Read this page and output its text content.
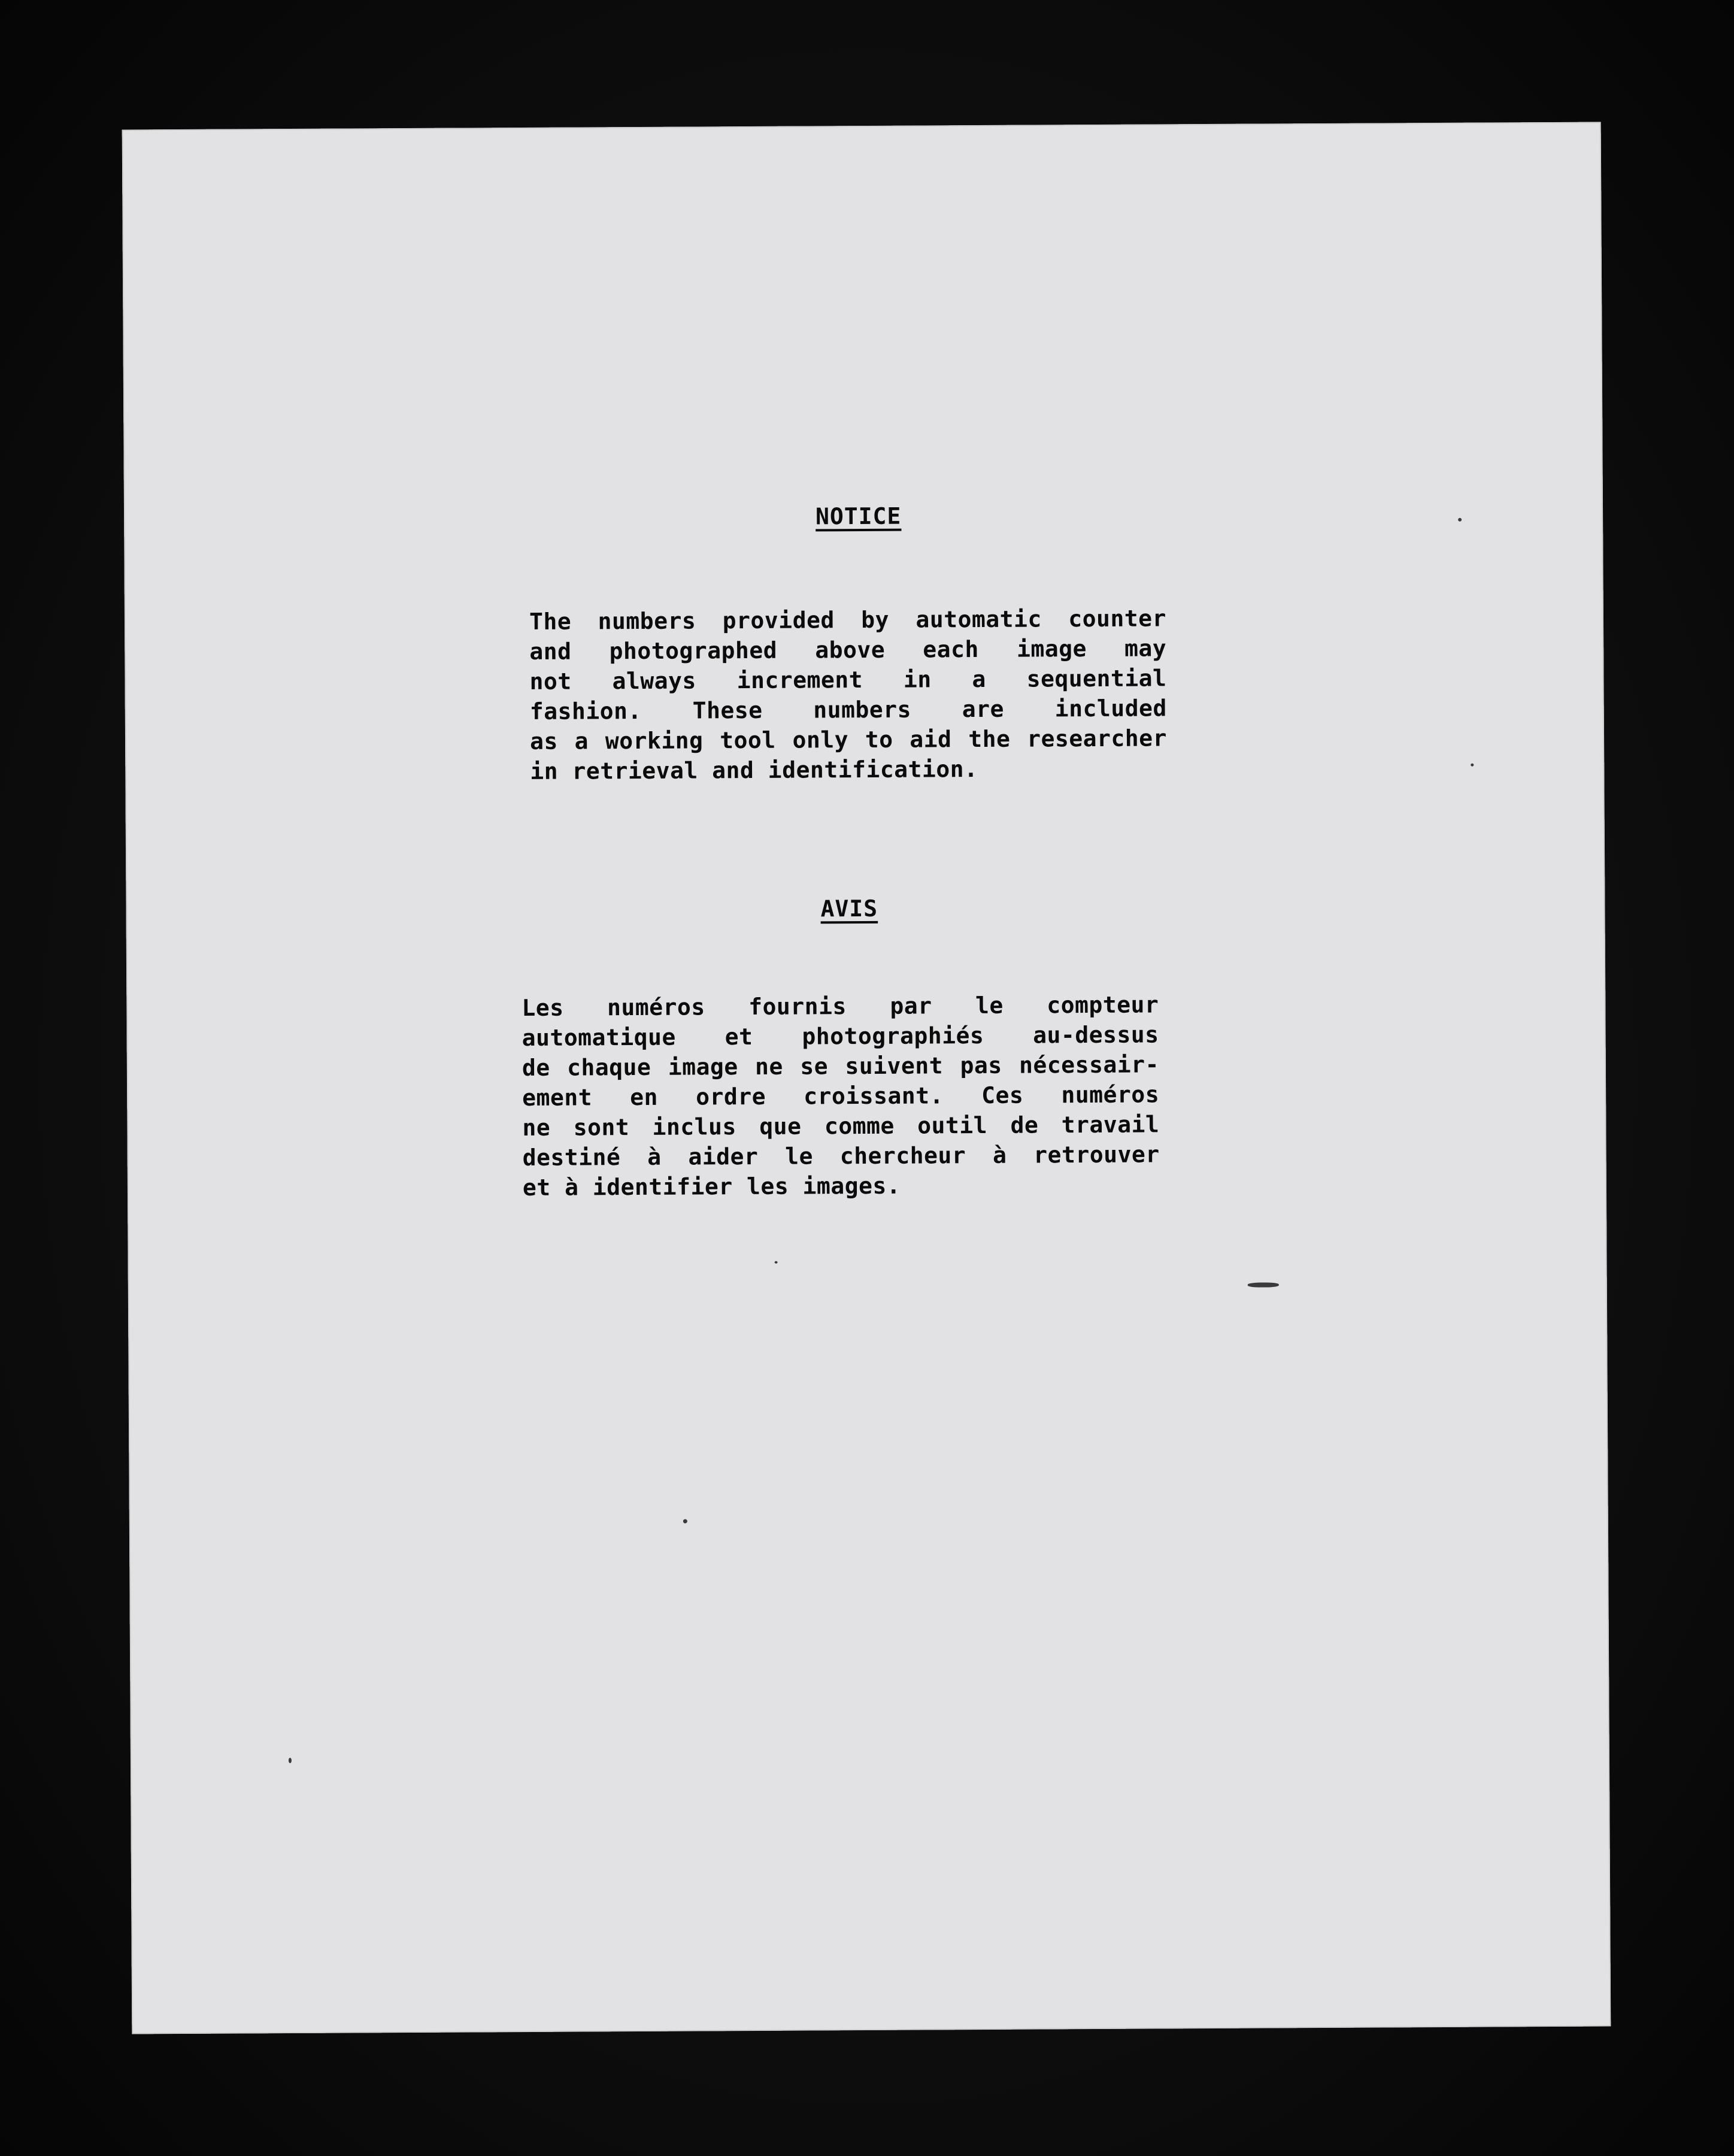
NOTICE
The numbers provided by automatic counter
and photographed above each image may
not always increment in a sequential
fashion. These numbers are included
as a working tool only to aid the researcher
in retrieval and identification.
AVIS
Les numéros fournis par le compteur
automatique et photographiés au-dessus
de chaque image ne se suivent pas nécessair-
ement en ordre croissant. Ces numéros
ne sont inclus que comme outil de travail
destiné à aider le chercheur à retrouver
et à identifier les images.
